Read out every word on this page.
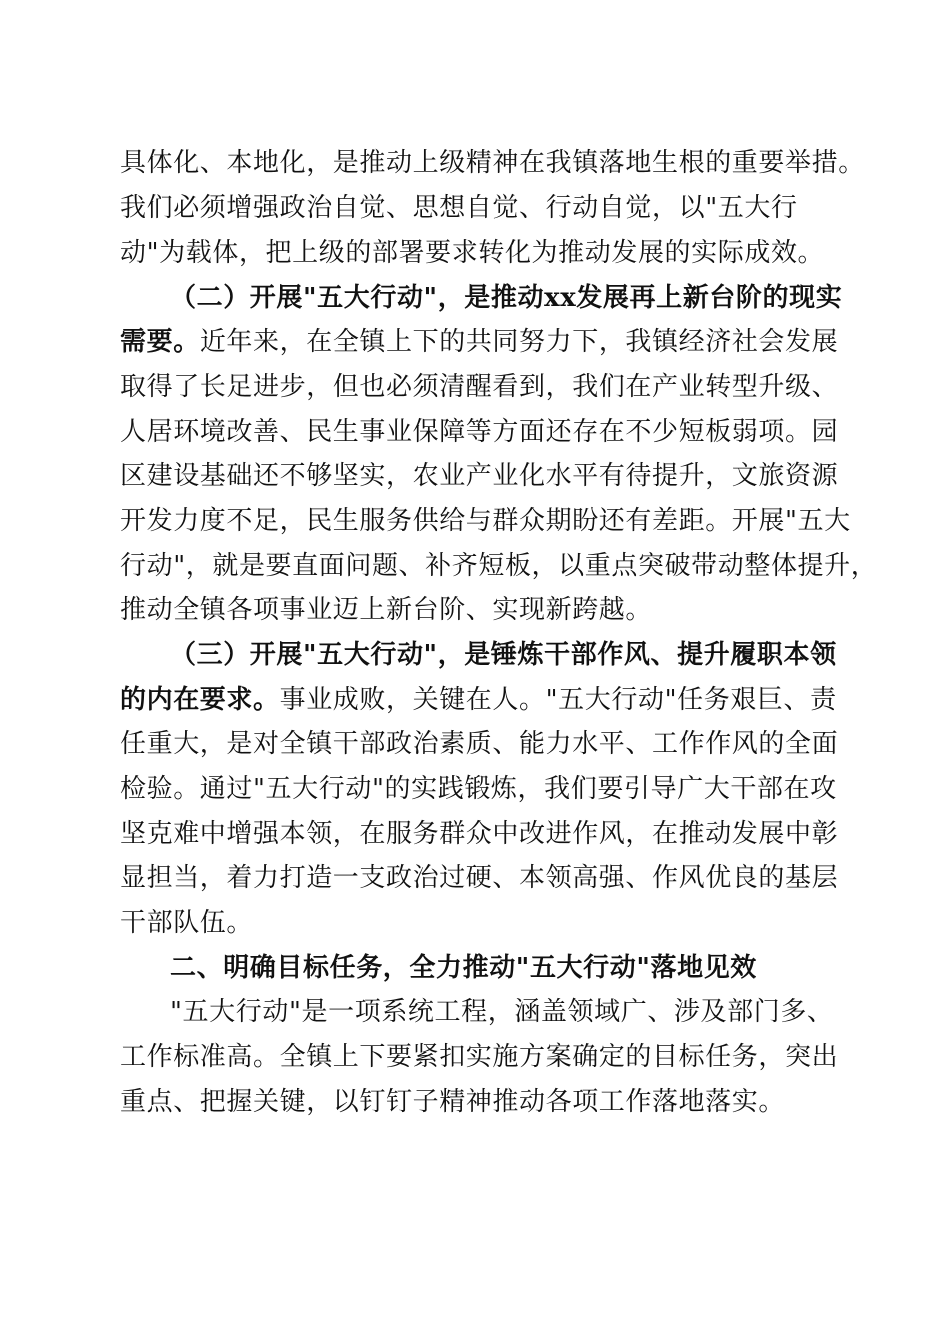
具体化、本地化，是推动上级精神在我镇落地生根的重要举措。
我们必须增强政治自觉、思想自觉、行动自觉，以"五大行
动"为载体，把上级的部署要求转化为推动发展的实际成效。
（二）开展"五大行动"，是推动xx发展再上新台阶的现实
需要。近年来，在全镇上下的共同努力下，我镇经济社会发展
取得了长足进步，但也必须清醒看到，我们在产业转型升级、
人居环境改善、民生事业保障等方面还存在不少短板弱项。园
区建设基础还不够坚实，农业产业化水平有待提升，文旅资源
开发力度不足，民生服务供给与群众期盼还有差距。开展"五大
行动"，就是要直面问题、补齐短板，以重点突破带动整体提升，
推动全镇各项事业迈上新台阶、实现新跨越。
（三）开展"五大行动"，是锤炼干部作风、提升履职本领
的内在要求。事业成败，关键在人。"五大行动"任务艰巨、责
任重大，是对全镇干部政治素质、能力水平、工作作风的全面
检验。通过"五大行动"的实践锻炼，我们要引导广大干部在攻
坚克难中增强本领，在服务群众中改进作风，在推动发展中彰
显担当，着力打造一支政治过硬、本领高强、作风优良的基层
干部队伍。
二、明确目标任务，全力推动"五大行动"落地见效
"五大行动"是一项系统工程，涵盖领域广、涉及部门多、
工作标准高。全镇上下要紧扣实施方案确定的目标任务，突出
重点、把握关键，以钉钉子精神推动各项工作落地落实。
